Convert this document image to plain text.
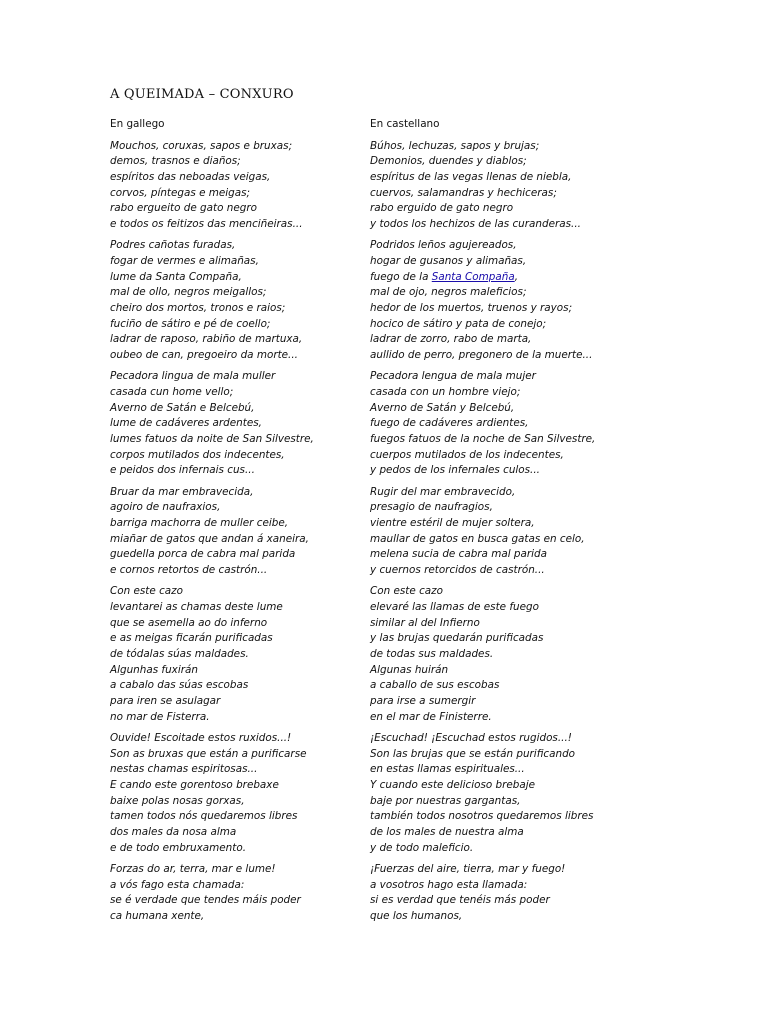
A QUEIMADA – CONXURO
En gallego
Mouchos, coruxas, sapos e bruxas;
demos, trasnos e diaños;
espíritos das neboadas veigas,
corvos, píntegas e meigas;
rabo ergueito de gato negro
e todos os feitizos das menciñeiras...
Podres cañotas furadas,
fogar de vermes e alimañas,
lume da Santa Compaña,
mal de ollo, negros meigallos;
cheiro dos mortos, tronos e raios;
fuciño de sátiro e pé de coello;
ladrar de raposo, rabiño de martuxa,
oubeo de can, pregoeiro da morte...
Pecadora lingua de mala muller
casada cun home vello;
Averno de Satán e Belcebú,
lume de cadáveres ardentes,
lumes fatuos da noite de San Silvestre,
corpos mutilados dos indecentes,
e peidos dos infernais cus...
Bruar da mar embravecida,
agoiro de naufraxios,
barriga machorra de muller ceibe,
miañar de gatos que andan á xaneira,
guedella porca de cabra mal parida
e cornos retortos de castrón...
Con este cazo
levantarei as chamas deste lume
que se asemella ao do inferno
e as meigas ficarán purificadas
de tódalas súas maldades.
Algunhas fuxirán
a cabalo das súas escobas
para iren se asulagar
no mar de Fisterra.
Ouvide! Escoitade estos ruxidos...!
Son as bruxas que están a purificarse
nestas chamas espiritosas...
E cando este gorentoso brebaxe
baixe polas nosas gorxas,
tamen todos nós quedaremos libres
dos males da nosa alma
e de todo embruxamento.
Forzas do ar, terra, mar e lume!
a vós fago esta chamada:
se é verdade que tendes máis poder
ca humana xente,
En castellano
Búhos, lechuzas, sapos y brujas;
Demonios, duendes y diablos;
espíritus de las vegas llenas de niebla,
cuervos, salamandras y hechiceras;
rabo erguido de gato negro
y todos los hechizos de las curanderas...
Podridos leños agujereados,
hogar de gusanos y alimañas,
fuego de la Santa Compaña,
mal de ojo, negros maleficios;
hedor de los muertos, truenos y rayos;
hocico de sátiro y pata de conejo;
ladrar de zorro, rabo de marta,
aullido de perro, pregonero de la muerte...
Pecadora lengua de mala mujer
casada con un hombre viejo;
Averno de Satán y Belcebú,
fuego de cadáveres ardientes,
fuegos fatuos de la noche de San Silvestre,
cuerpos mutilados de los indecentes,
y pedos de los infernales culos...
Rugir del mar embravecido,
presagio de naufragios,
vientre estéril de mujer soltera,
maullar de gatos en busca gatas en celo,
melena sucia de cabra mal parida
y cuernos retorcidos de castrón...
Con este cazo
elevaré las llamas de este fuego
similar al del Infierno
y las brujas quedarán purificadas
de todas sus maldades.
Algunas huirán
a caballo de sus escobas
para irse a sumergir
en el mar de Finisterre.
¡Escuchad! ¡Escuchad estos rugidos...!
Son las brujas que se están purificando
en estas llamas espirituales...
Y cuando este delicioso brebaje
baje por nuestras gargantas,
también todos nosotros quedaremos libres
de los males de nuestra alma
y de todo maleficio.
¡Fuerzas del aire, tierra, mar y fuego!
a vosotros hago esta llamada:
si es verdad que tenéis más poder
que los humanos,
